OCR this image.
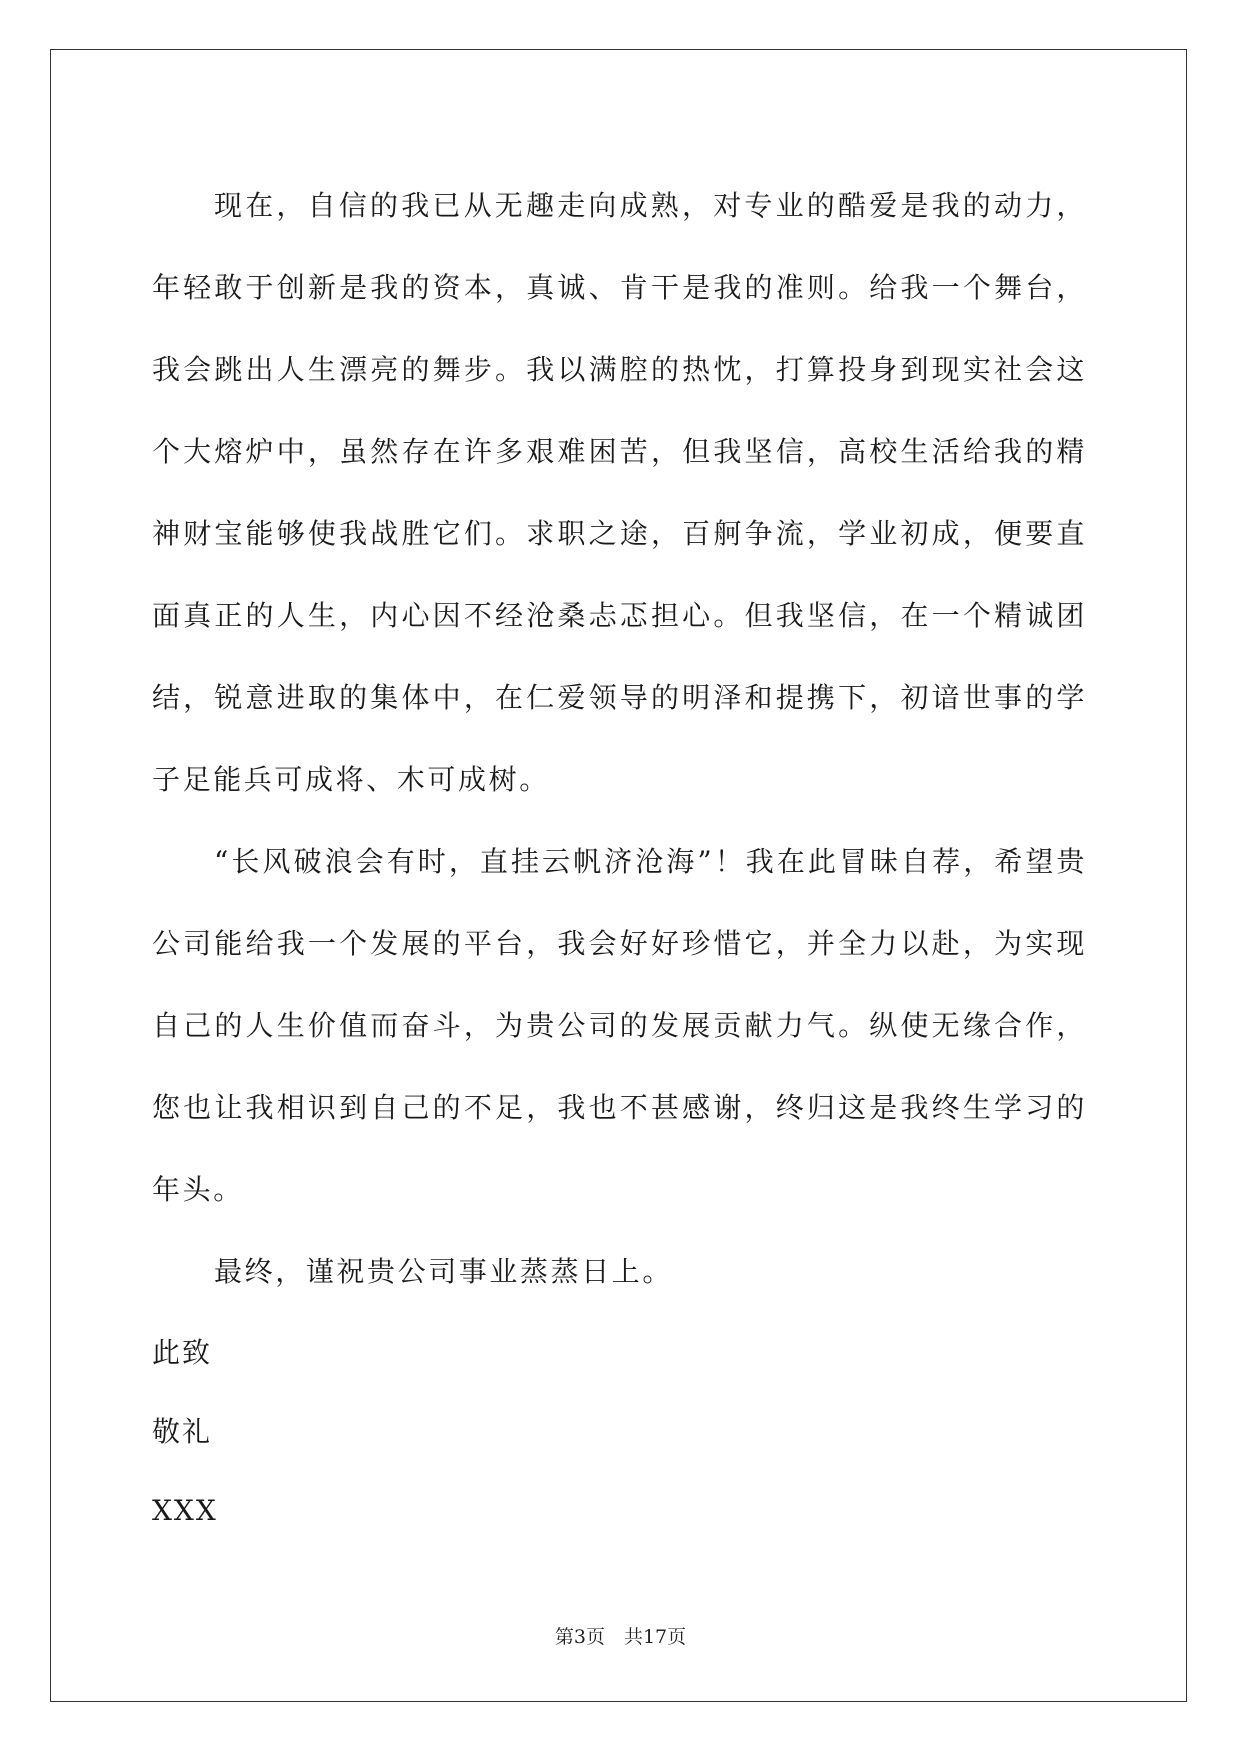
现在，自信的我已从无趣走向成熟，对专业的酷爱是我的动力，年轻敢于创新是我的资本，真诚、肯干是我的准则。给我一个舞台，我会跳出人生漂亮的舞步。我以满腔的热忱，打算投身到现实社会这个大熔炉中，虽然存在许多艰难困苦，但我坚信，高校生活给我的精神财宝能够使我战胜它们。求职之途，百舸争流，学业初成，便要直面真正的人生，内心因不经沧桑忐忑担心。但我坚信，在一个精诚团结，锐意进取的集体中，在仁爱领导的明泽和提携下，初谙世事的学子足能兵可成将、木可成树。

“长风破浪会有时，直挂云帆济沧海”！我在此冒昧自荐，希望贵公司能给我一个发展的平台，我会好好珍惜它，并全力以赴，为实现自己的人生价值而奋斗，为贵公司的发展贡献力气。纵使无缘合作，您也让我相识到自己的不足，我也不甚感谢，终归这是我终生学习的年头。

最终，谨祝贵公司事业蒸蒸日上。

此致

敬礼

XXX

第3页　共17页
